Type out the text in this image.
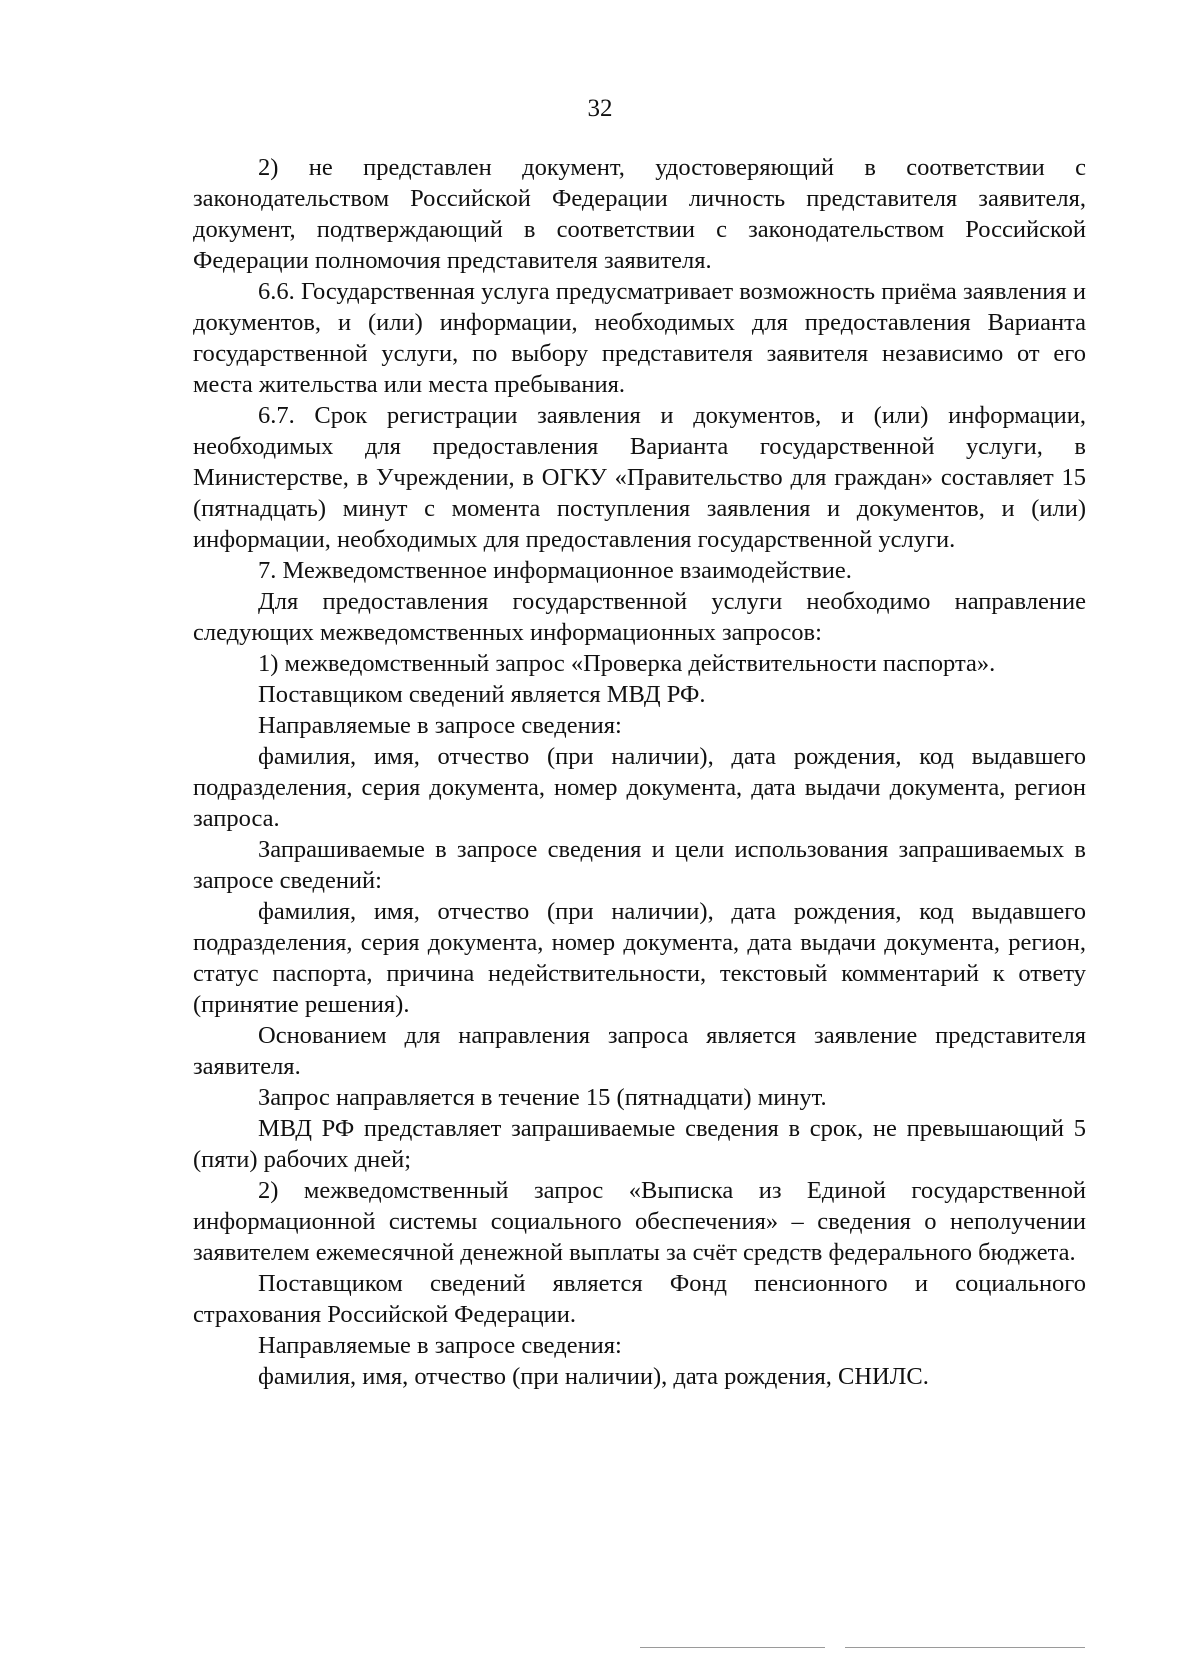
32

2) не представлен документ, удостоверяющий в соответствии с законодательством Российской Федерации личность представителя заявителя, документ, подтверждающий в соответствии с законодательством Российской Федерации полномочия представителя заявителя.

6.6. Государственная услуга предусматривает возможность приёма заявления и документов, и (или) информации, необходимых для предоставления Варианта государственной услуги, по выбору представителя заявителя независимо от его места жительства или места пребывания.

6.7. Срок регистрации заявления и документов, и (или) информации, необходимых для предоставления Варианта государственной услуги, в Министерстве, в Учреждении, в ОГКУ «Правительство для граждан» составляет 15 (пятнадцать) минут с момента поступления заявления и документов, и (или) информации, необходимых для предоставления государственной услуги.

7. Межведомственное информационное взаимодействие.

Для предоставления государственной услуги необходимо направление следующих межведомственных информационных запросов:

1) межведомственный запрос «Проверка действительности паспорта».

Поставщиком сведений является МВД РФ.

Направляемые в запросе сведения:

фамилия, имя, отчество (при наличии), дата рождения, код выдавшего подразделения, серия документа, номер документа, дата выдачи документа, регион запроса.

Запрашиваемые в запросе сведения и цели использования запрашиваемых в запросе сведений:

фамилия, имя, отчество (при наличии), дата рождения, код выдавшего подразделения, серия документа, номер документа, дата выдачи документа, регион, статус паспорта, причина недействительности, текстовый комментарий к ответу (принятие решения).

Основанием для направления запроса является заявление представителя заявителя.

Запрос направляется в течение 15 (пятнадцати) минут.

МВД РФ представляет запрашиваемые сведения в срок, не превышающий 5 (пяти) рабочих дней;

2) межведомственный запрос «Выписка из Единой государственной информационной системы социального обеспечения» – сведения о неполучении заявителем ежемесячной денежной выплаты за счёт средств федерального бюджета.

Поставщиком сведений является Фонд пенсионного и социального страхования Российской Федерации.

Направляемые в запросе сведения:

фамилия, имя, отчество (при наличии), дата рождения, СНИЛС.
